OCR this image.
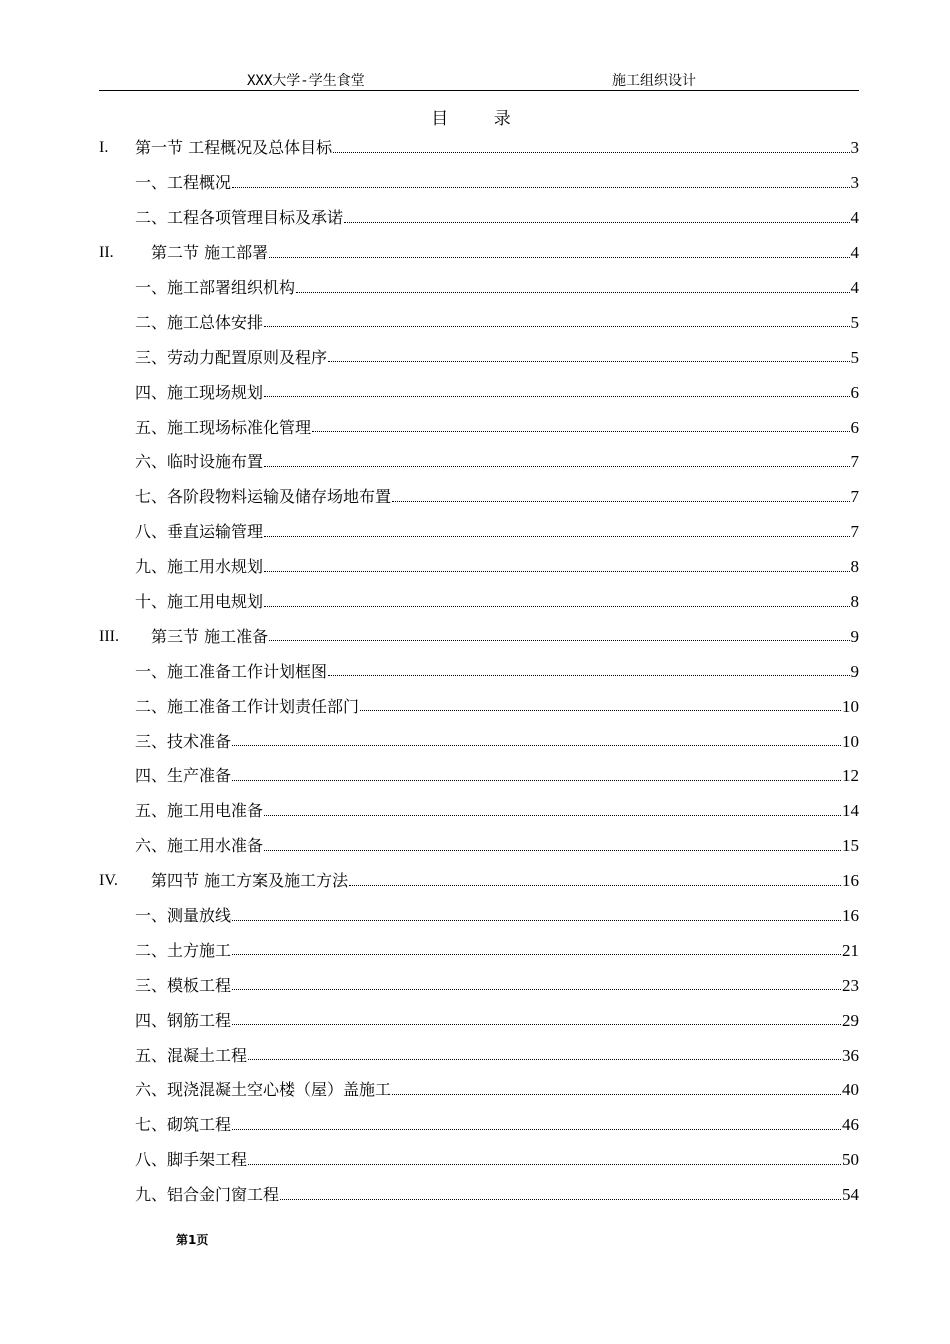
XXX大学-学生食堂	施工组织设计
目 录
I. 第一节 工程概况及总体目标	3
一、工程概况	3
二、工程各项管理目标及承诺	4
II. 第二节 施工部署	4
一、施工部署组织机构	4
二、施工总体安排	5
三、劳动力配置原则及程序	5
四、施工现场规划	6
五、施工现场标准化管理	6
六、临时设施布置	7
七、各阶段物料运输及储存场地布置	7
八、垂直运输管理	7
九、施工用水规划	8
十、施工用电规划	8
III. 第三节 施工准备	9
一、施工准备工作计划框图	9
二、施工准备工作计划责任部门	10
三、技术准备	10
四、生产准备	12
五、施工用电准备	14
六、施工用水准备	15
IV. 第四节 施工方案及施工方法	16
一、测量放线	16
二、土方施工	21
三、模板工程	23
四、钢筋工程	29
五、混凝土工程	36
六、现浇混凝土空心楼（屋）盖施工	40
七、砌筑工程	46
八、脚手架工程	50
九、铝合金门窗工程	54
第1页
